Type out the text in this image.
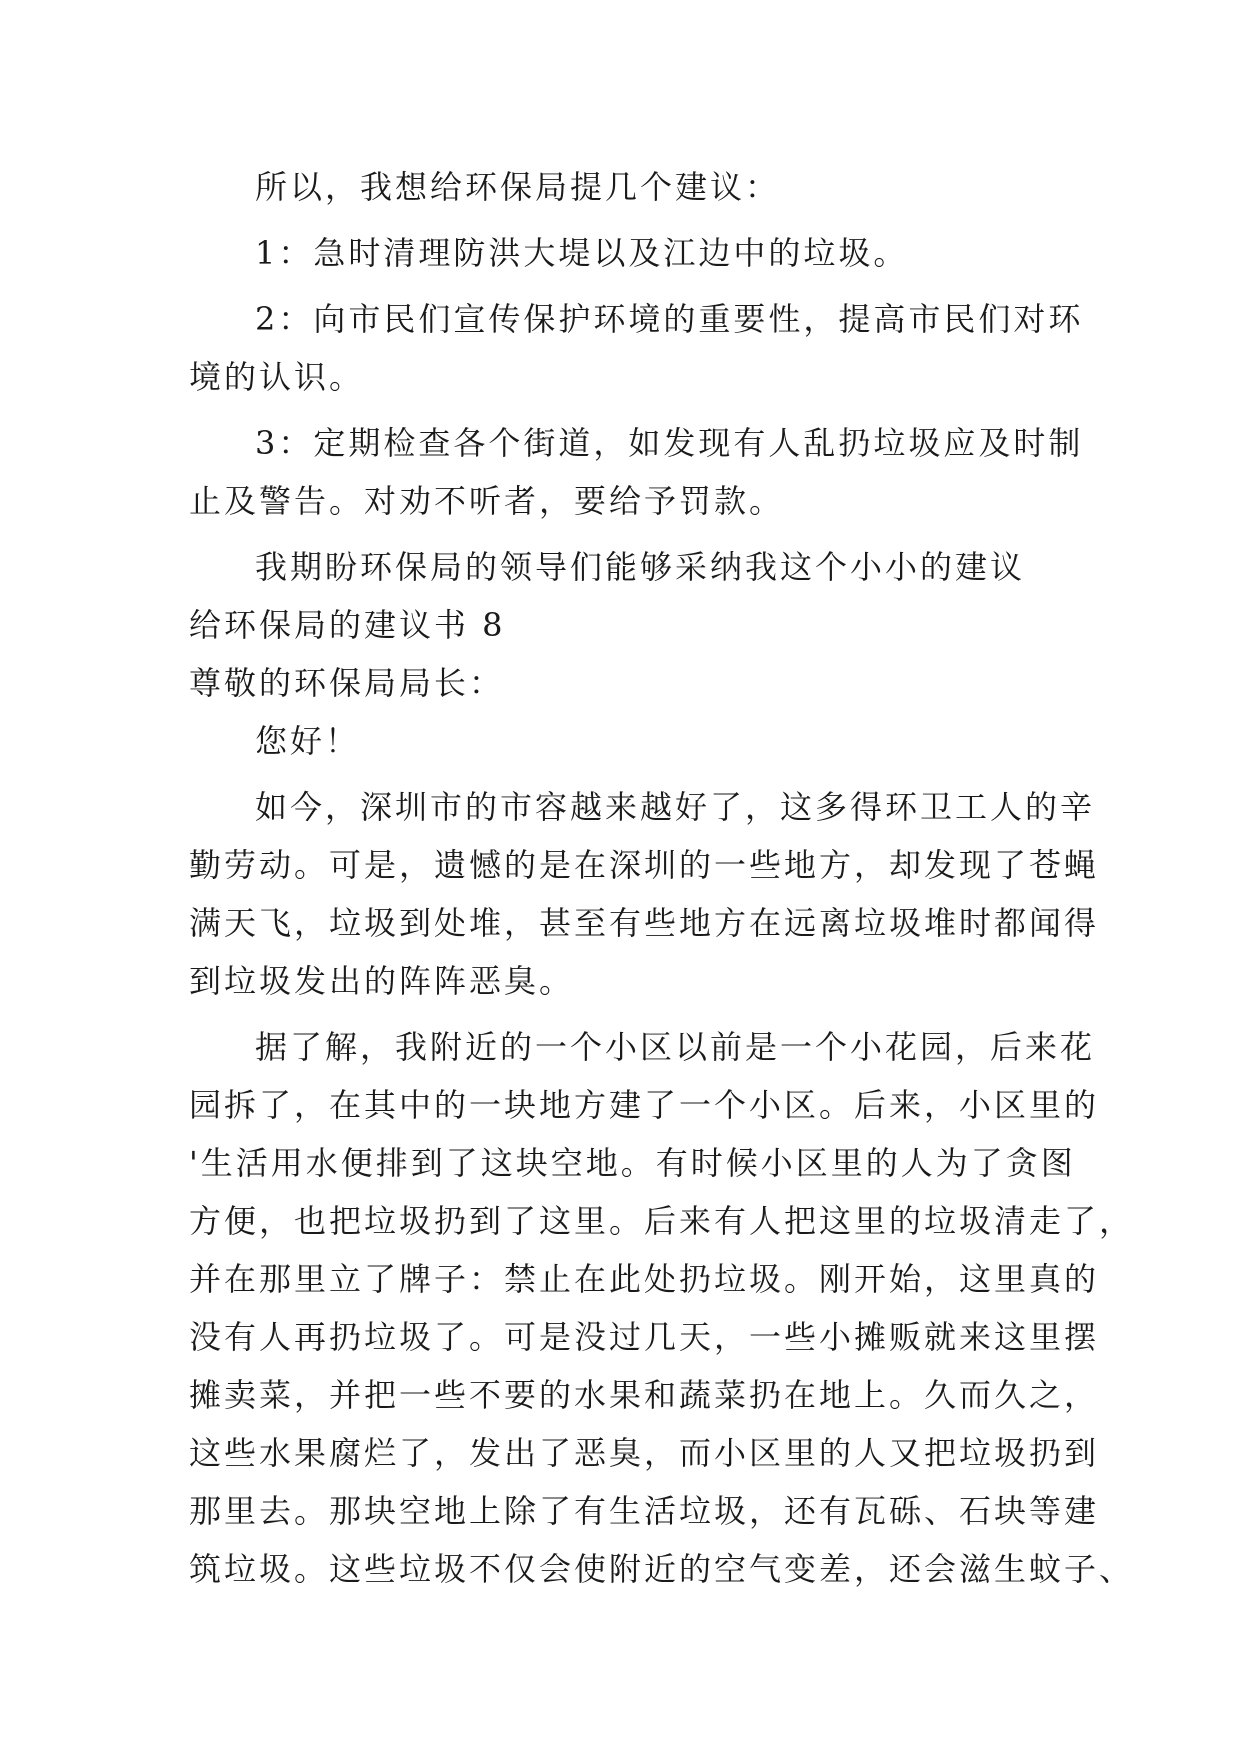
所以，我想给环保局提几个建议：
1：急时清理防洪大堤以及江边中的垃圾。
2：向市民们宣传保护环境的重要性，提高市民们对环
境的认识。
3：定期检查各个街道，如发现有人乱扔垃圾应及时制
止及警告。对劝不听者，要给予罚款。
我期盼环保局的领导们能够采纳我这个小小的建议
给环保局的建议书 8
尊敬的环保局局长：
您好！
如今，深圳市的市容越来越好了，这多得环卫工人的辛
勤劳动。可是，遗憾的是在深圳的一些地方，却发现了苍蝇
满天飞，垃圾到处堆，甚至有些地方在远离垃圾堆时都闻得
到垃圾发出的阵阵恶臭。
据了解，我附近的一个小区以前是一个小花园，后来花
园拆了，在其中的一块地方建了一个小区。后来，小区里的
'生活用水便排到了这块空地。有时候小区里的人为了贪图
方便，也把垃圾扔到了这里。后来有人把这里的垃圾清走了，
并在那里立了牌子：禁止在此处扔垃圾。刚开始，这里真的
没有人再扔垃圾了。可是没过几天，一些小摊贩就来这里摆
摊卖菜，并把一些不要的水果和蔬菜扔在地上。久而久之，
这些水果腐烂了，发出了恶臭，而小区里的人又把垃圾扔到
那里去。那块空地上除了有生活垃圾，还有瓦砾、石块等建
筑垃圾。这些垃圾不仅会使附近的空气变差，还会滋生蚊子、
